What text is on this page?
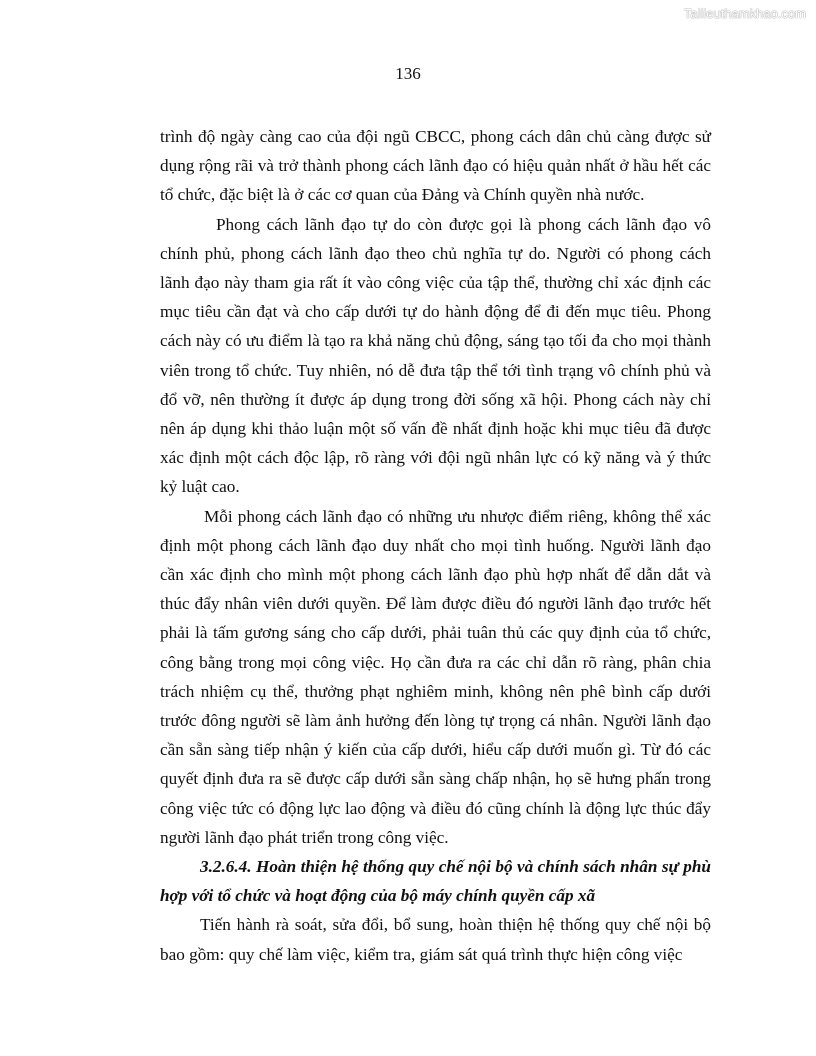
Tailieuthamkhao.com
136

trình độ ngày càng cao của đội ngũ CBCC, phong cách dân chủ càng được sử dụng rộng rãi và trở thành phong cách lãnh đạo có hiệu quản nhất ở hầu hết các tổ chức, đặc biệt là ở các cơ quan của Đảng và Chính quyền nhà nước.

Phong cách lãnh đạo tự do còn được gọi là phong cách lãnh đạo vô chính phủ, phong cách lãnh đạo theo chủ nghĩa tự do. Người có phong cách lãnh đạo này tham gia rất ít vào công việc của tập thể, thường chỉ xác định các mục tiêu cần đạt và cho cấp dưới tự do hành động để đi đến mục tiêu. Phong cách này có ưu điểm là tạo ra khả năng chủ động, sáng tạo tối đa cho mọi thành viên trong tổ chức. Tuy nhiên, nó dễ đưa tập thể tới tình trạng vô chính phủ và đổ vỡ, nên thường ít được áp dụng trong đời sống xã hội. Phong cách này chỉ nên áp dụng khi thảo luận một số vấn đề nhất định hoặc khi mục tiêu đã được xác định một cách độc lập, rõ ràng với đội ngũ nhân lực có kỹ năng và ý thức kỷ luật cao.

Mỗi phong cách lãnh đạo có những ưu nhược điểm riêng, không thể xác định một phong cách lãnh đạo duy nhất cho mọi tình huống. Người lãnh đạo cần xác định cho mình một phong cách lãnh đạo phù hợp nhất để dẫn dắt và thúc đẩy nhân viên dưới quyền. Để làm được điều đó người lãnh đạo trước hết phải là tấm gương sáng cho cấp dưới, phải tuân thủ các quy định của tổ chức, công bằng trong mọi công việc. Họ cần đưa ra các chỉ dẫn rõ ràng, phân chia trách nhiệm cụ thể, thưởng phạt nghiêm minh, không nên phê bình cấp dưới trước đông người sẽ làm ảnh hưởng đến lòng tự trọng cá nhân. Người lãnh đạo cần sẵn sàng tiếp nhận ý kiến của cấp dưới, hiểu cấp dưới muốn gì. Từ đó các quyết định đưa ra sẽ được cấp dưới sẵn sàng chấp nhận, họ sẽ hưng phấn trong công việc tức có động lực lao động và điều đó cũng chính là động lực thúc đẩy người lãnh đạo phát triển trong công việc.

3.2.6.4. Hoàn thiện hệ thống quy chế nội bộ và chính sách nhân sự phù hợp với tổ chức và hoạt động của bộ máy chính quyền cấp xã

Tiến hành rà soát, sửa đổi, bổ sung, hoàn thiện hệ thống quy chế nội bộ bao gồm: quy chế làm việc, kiểm tra, giám sát quá trình thực hiện công việc
